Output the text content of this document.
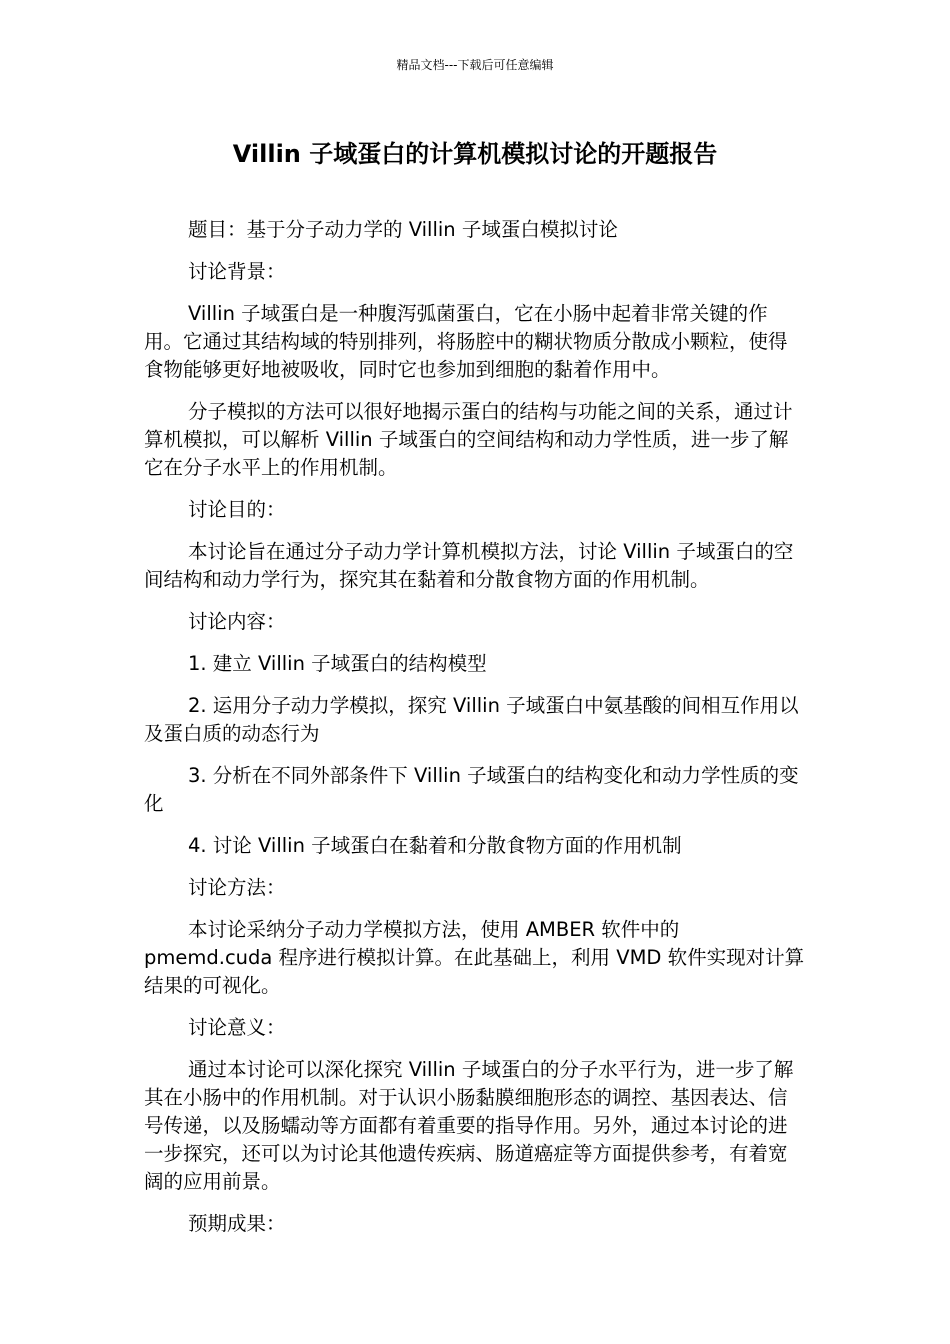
精品文档---下载后可任意编辑
Villin 子域蛋白的计算机模拟讨论的开题报告

题目：基于分子动力学的 Villin 子域蛋白模拟讨论

讨论背景：

Villin 子域蛋白是一种腹泻弧菌蛋白，它在小肠中起着非常关键的作用。它通过其结构域的特别排列，将肠腔中的糊状物质分散成小颗粒，使得食物能够更好地被吸收，同时它也参加到细胞的黏着作用中。

分子模拟的方法可以很好地揭示蛋白的结构与功能之间的关系，通过计算机模拟，可以解析 Villin 子域蛋白的空间结构和动力学性质，进一步了解它在分子水平上的作用机制。

讨论目的：

本讨论旨在通过分子动力学计算机模拟方法，讨论 Villin 子域蛋白的空间结构和动力学行为，探究其在黏着和分散食物方面的作用机制。

讨论内容：

1. 建立 Villin 子域蛋白的结构模型

2. 运用分子动力学模拟，探究 Villin 子域蛋白中氨基酸的间相互作用以及蛋白质的动态行为

3. 分析在不同外部条件下 Villin 子域蛋白的结构变化和动力学性质的变化

4. 讨论 Villin 子域蛋白在黏着和分散食物方面的作用机制

讨论方法：

本讨论采纳分子动力学模拟方法，使用 AMBER 软件中的 pmemd.cuda 程序进行模拟计算。在此基础上，利用 VMD 软件实现对计算结果的可视化。

讨论意义：

通过本讨论可以深化探究 Villin 子域蛋白的分子水平行为，进一步了解其在小肠中的作用机制。对于认识小肠黏膜细胞形态的调控、基因表达、信号传递，以及肠蠕动等方面都有着重要的指导作用。另外，通过本讨论的进一步探究，还可以为讨论其他遗传疾病、肠道癌症等方面提供参考，有着宽阔的应用前景。

预期成果：
